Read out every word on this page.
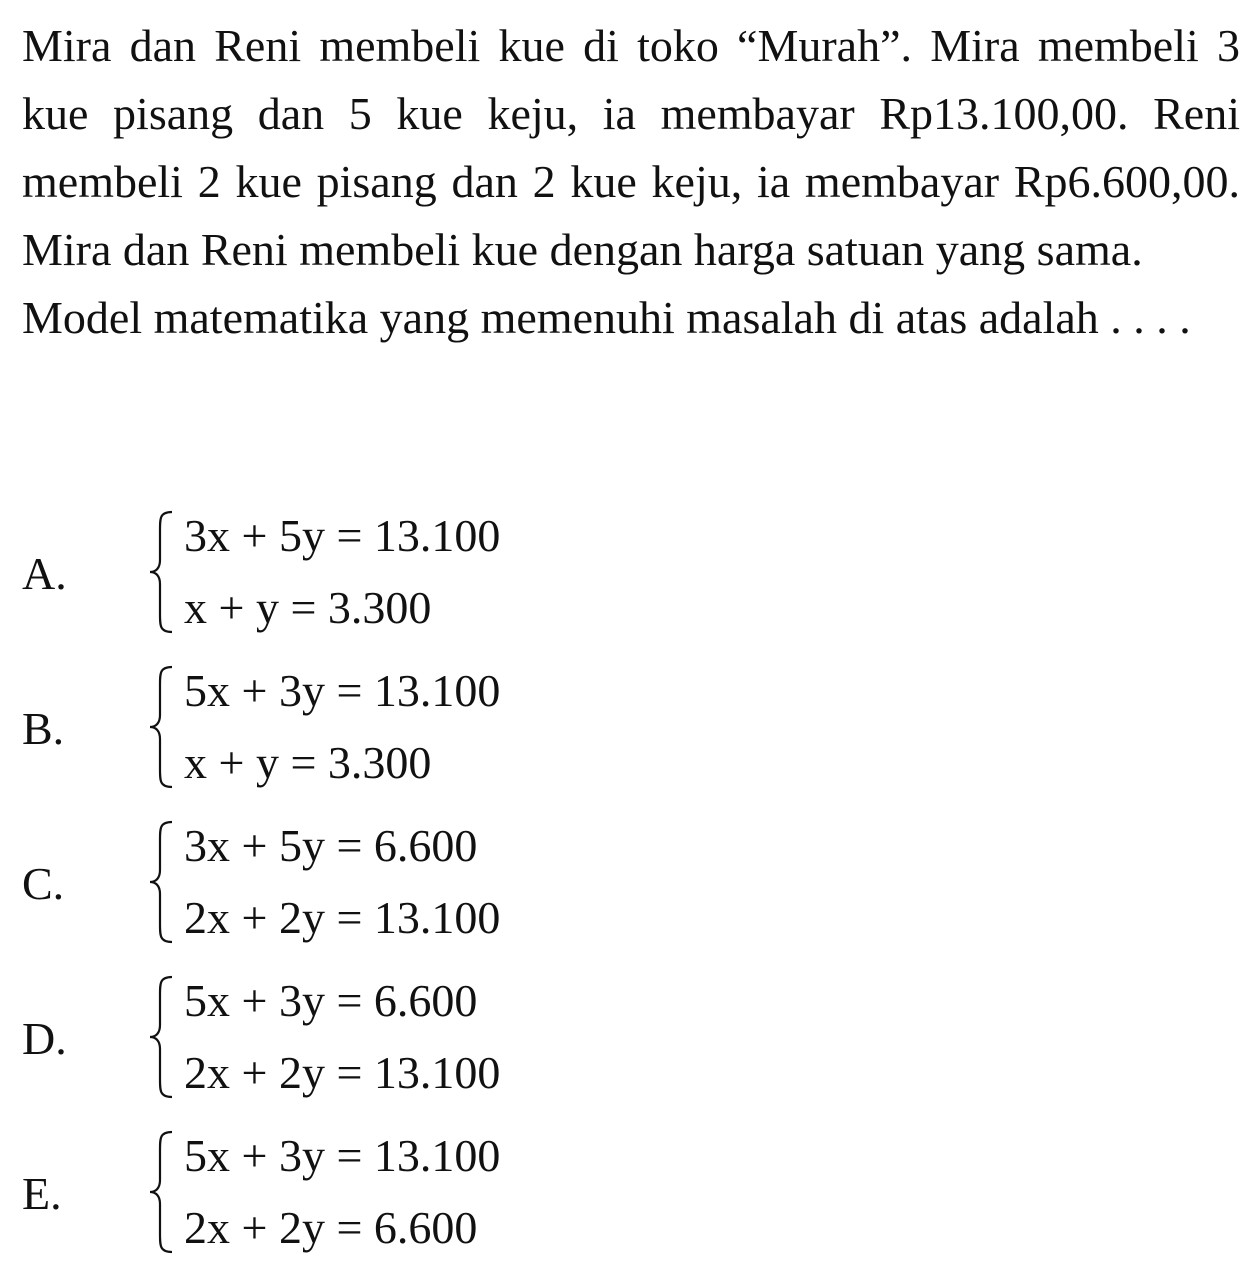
Mira dan Reni membeli kue di toko “Murah”. Mira membeli 3 kue pisang dan 5 kue keju, ia membayar Rp13.100,00. Reni membeli 2 kue pisang dan 2 kue keju, ia membayar Rp6.600,00. Mira dan Reni membeli kue dengan harga satuan yang sama.

Model matematika yang memenuhi masalah di atas adalah . . . .

A.
3x + 5y = 13.100
x + y = 3.300
B.
5x + 3y = 13.100
x + y = 3.300
C.
3x + 5y = 6.600
2x + 2y = 13.100
D.
5x + 3y = 6.600
2x + 2y = 13.100
E.
5x + 3y = 13.100
2x + 2y = 6.600
